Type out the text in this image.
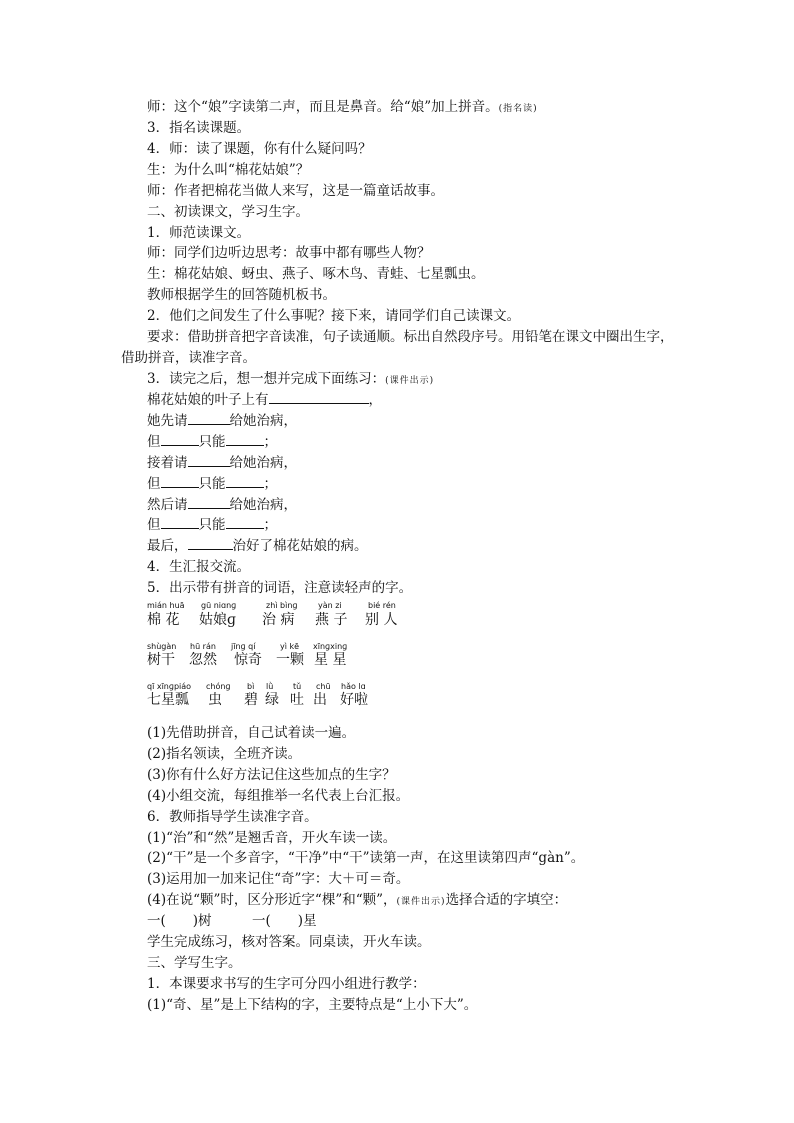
师：这个“娘”字读第二声，而且是鼻音。给“娘”加上拼音。(指名读)
3．指名读课题。
4．师：读了课题，你有什么疑问吗？
生：为什么叫“棉花姑娘”？
师：作者把棉花当做人来写，这是一篇童话故事。
二、初读课文，学习生字。
1．师范读课文。
师：同学们边听边思考：故事中都有哪些人物？
生：棉花姑娘、蚜虫、燕子、啄木鸟、青蛙、七星瓢虫。
教师根据学生的回答随机板书。
2．他们之间发生了什么事呢？接下来，请同学们自己读课文。
要求：借助拼音把字音读准，句子读通顺。标出自然段序号。用铅笔在课文中圈出生字，
借助拼音，读准字音。
3．读完之后，想一想并完成下面练习：(课件出示)
棉花姑娘的叶子上有	，
她先请	给她治病，
但	只能	；
接着请	给她治病，
但	只能	；
然后请	给她治病，
但	只能	；
最后，	治好了棉花姑娘的病。
4．生汇报交流。
5．出示带有拼音的词语，注意读轻声的字。
mián huā gū niɑnɡ	zhì bìnɡ	yàn zi	bié rén
棉 花 姑娘ɡ 治 病 燕 子 别 人
shùgàn hū rán jīnɡ qí	yì kē xīnɡxinɡ
树干 忽然 惊奇 一颗 星 星
qī xīnɡpiáo chónɡ bì lǜ tǔ chū hǎo lɑ
七星瓢 虫 碧 绿 吐 出 好啦
(1)先借助拼音，自己试着读一遍。
(2)指名领读，全班齐读。
(3)你有什么好方法记住这些加点的生字？
(4)小组交流，每组推举一名代表上台汇报。
6．教师指导学生读准字音。
(1)“治”和“然”是翘舌音，开火车读一读。
(2)“干”是一个多音字，“干净”中“干”读第一声，在这里读第四声“gàn”。
(3)运用加一加来记住“奇”字：大＋可＝奇。
(4)在说“颗”时，区分形近字“棵”和“颗”，(课件出示)选择合适的字填空：
一(　　)树　　　一(　　)星
学生完成练习，核对答案。同桌读，开火车读。
三、学写生字。
1．本课要求书写的生字可分四小组进行教学：
(1)“奇、星”是上下结构的字，主要特点是“上小下大”。
